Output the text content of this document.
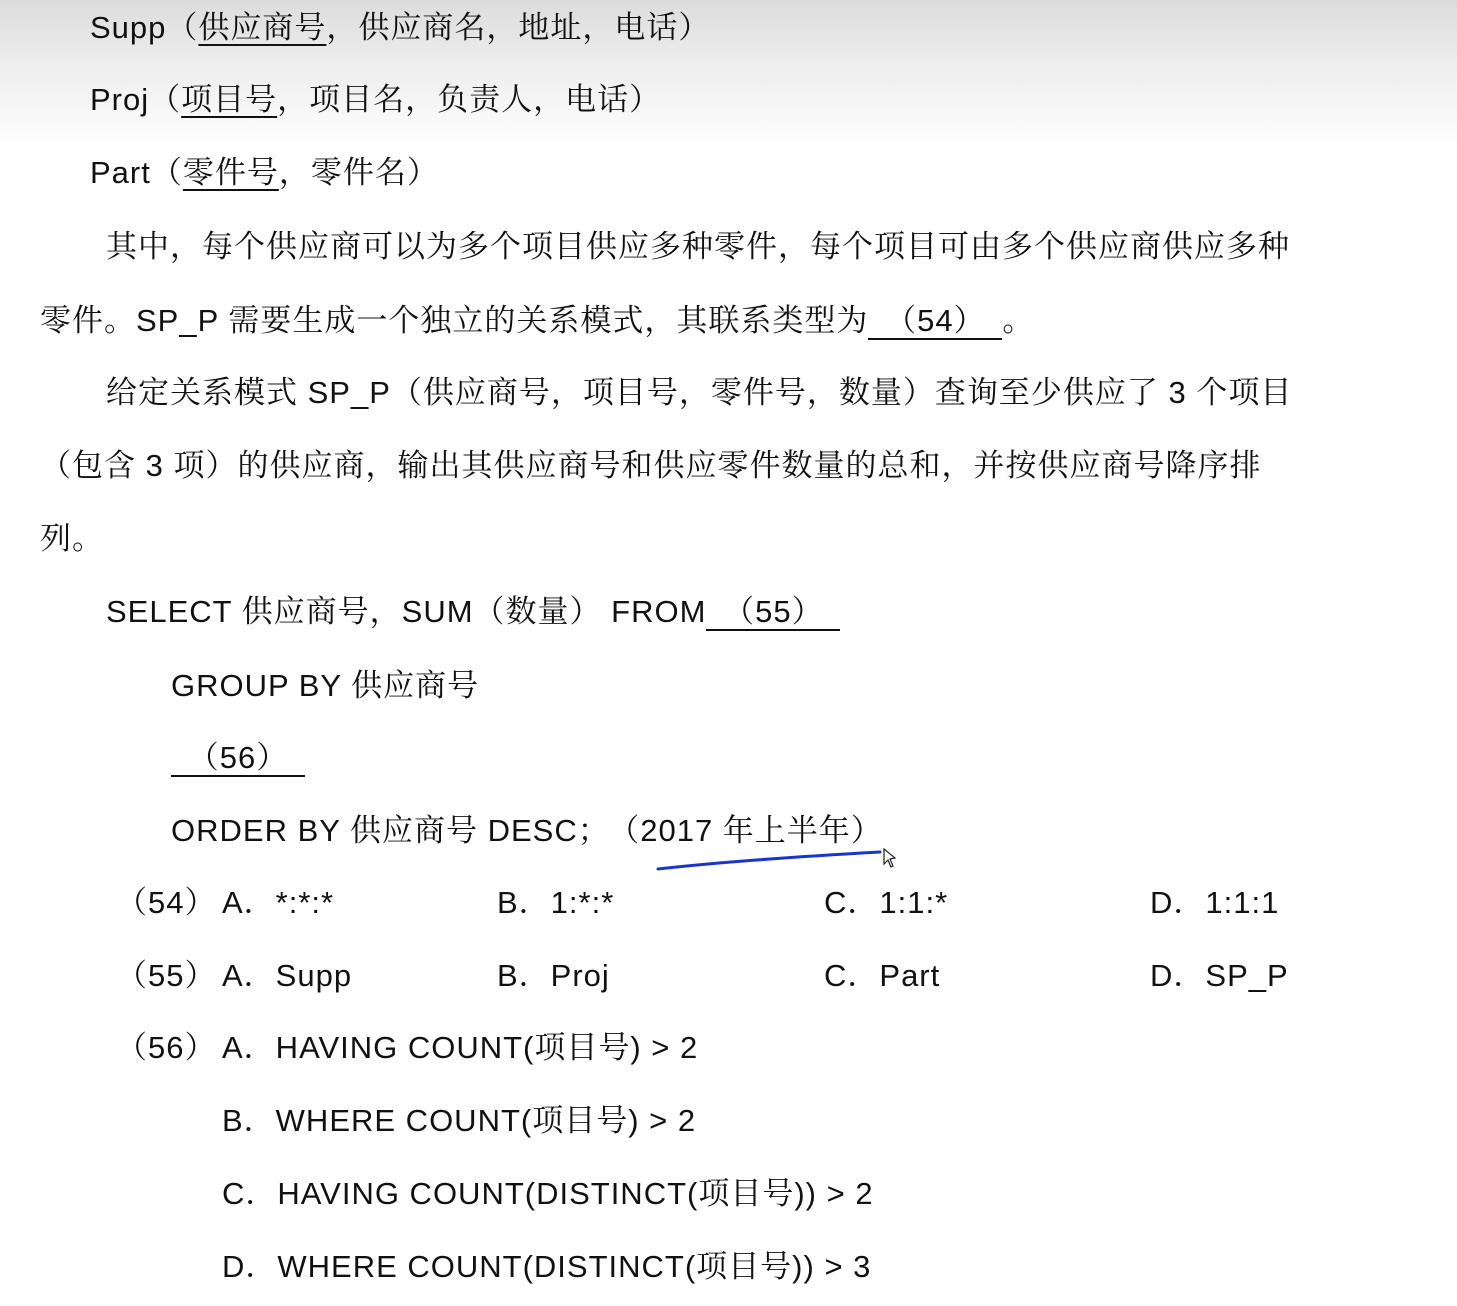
Supp（供应商号，供应商名，地址，电话）
Proj（项目号，项目名，负责人，电话）
Part（零件号，零件名）
其中，每个供应商可以为多个项目供应多种零件，每个项目可由多个供应商供应多种
零件。SP_P 需要生成一个独立的关系模式，其联系类型为 （54） 。
给定关系模式 SP_P（供应商号，项目号，零件号，数量）查询至少供应了 3 个项目
（包含 3 项）的供应商，输出其供应商号和供应零件数量的总和，并按供应商号降序排
列。
SELECT 供应商号，SUM（数量） FROM （55）
GROUP BY 供应商号
（56）
ORDER BY 供应商号 DESC； （2017 年上半年）
（54） A．*:*:*	B．1:*:*	C．1:1:*	D．1:1:1
（55） A．Supp	B．Proj	C．Part	D．SP_P
（56） A．HAVING COUNT(项目号) > 2
B．WHERE COUNT(项目号) > 2
C．HAVING COUNT(DISTINCT(项目号)) > 2
D．WHERE COUNT(DISTINCT(项目号)) > 3
